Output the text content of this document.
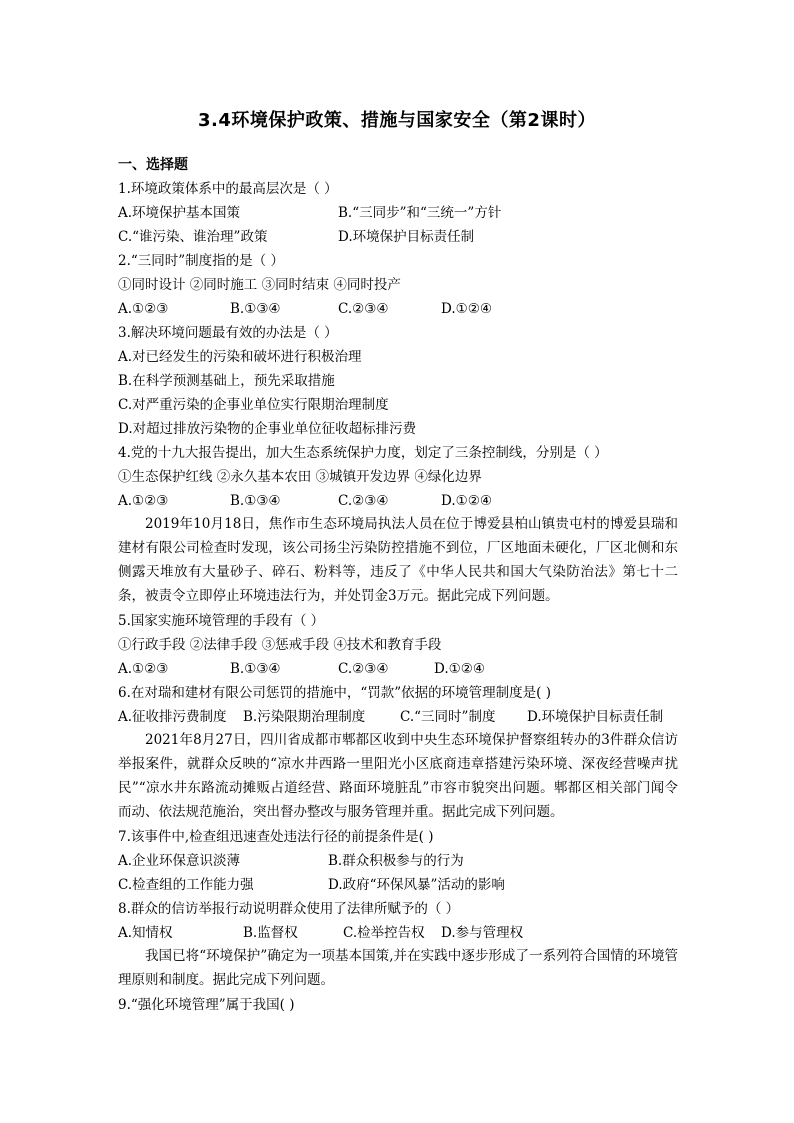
3.4环境保护政策、措施与国家安全（第2课时）
一、选择题
1.环境政策体系中的最高层次是（ ）
A.环境保护基本国策	B.“三同步”和“三统一”方针
C.“谁污染、谁治理”政策	D.环境保护目标责任制
2.“三同时”制度指的是（ ）
①同时设计 ②同时施工 ③同时结束 ④同时投产
A.①②③	B.①③④	C.②③④	D.①②④
3.解决环境问题最有效的办法是（ ）
A.对已经发生的污染和破坏进行积极治理
B.在科学预测基础上，预先采取措施
C.对严重污染的企事业单位实行限期治理制度
D.对超过排放污染物的企事业单位征收超标排污费
4.党的十九大报告提出，加大生态系统保护力度，划定了三条控制线，分别是（ ）
①生态保护红线 ②永久基本农田 ③城镇开发边界 ④绿化边界
A.①②③	B.①③④	C.②③④	D.①②④
2019年10月18日，焦作市生态环境局执法人员在位于博爱县柏山镇贵屯村的博爱县瑞和建材有限公司检查时发现，该公司扬尘污染防控措施不到位，厂区地面未硬化，厂区北侧和东侧露天堆放有大量砂子、碎石、粉料等，违反了《中华人民共和国大气染防治法》第七十二条，被责令立即停止环境违法行为，并处罚金3万元。据此完成下列问题。
5.国家实施环境管理的手段有（ ）
①行政手段 ②法律手段 ③惩戒手段 ④技术和教育手段
A.①②③	B.①③④	C.②③④	D.①②④
6.在对瑞和建材有限公司惩罚的措施中，“罚款”依据的环境管理制度是( )
A.征收排污费制度 B.污染限期治理制度	C.“三同时”制度 D.环境保护目标责任制
2021年8月27日，四川省成都市郫都区收到中央生态环境保护督察组转办的3件群众信访举报案件，就群众反映的“凉水井西路一里阳光小区底商违章搭建污染环境、深夜经营噪声扰民”“凉水井东路流动摊贩占道经营、路面环境脏乱”市容市貌突出问题。郫都区相关部门闻令而动、依法规范施治，突出督办整改与服务管理并重。据此完成下列问题。
7.该事件中,检查组迅速查处违法行径的前提条件是( )
A.企业环保意识淡薄	B.群众积极参与的行为
C.检查组的工作能力强	D.政府“环保风暴”活动的影响
8.群众的信访举报行动说明群众使用了法律所赋予的（ ）
A.知情权	B.监督权	C.检举控告权 D.参与管理权
我国已将“环境保护”确定为一项基本国策,并在实践中逐步形成了一系列符合国情的环境管理原则和制度。据此完成下列问题。
9.“强化环境管理”属于我国( )
